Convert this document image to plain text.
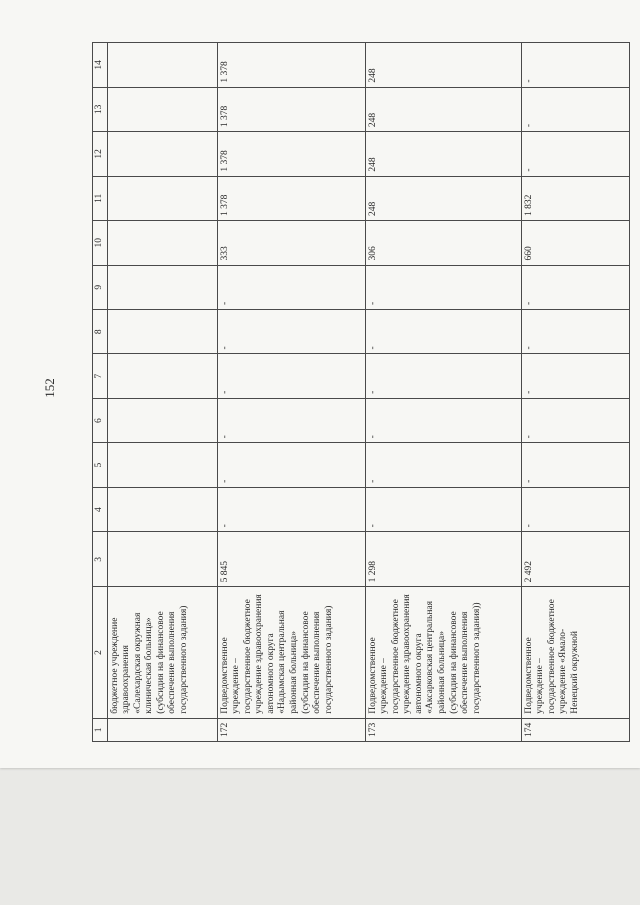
152
1	2	3	4	5	6	7	8	9	10	11	12	13	14
	бюджетное учреждение здравоохранения «Салехардская окружная клиническая больница» (субсидия на финансовое обеспечение выполнения государственного задания)												
172	Подведомственное учреждение – государственное бюджетное учреждение здравоохранения автономного округа «Надымская центральная районная больница» (субсидия на финансовое обеспечение выполнения государственного задания)	5 845	-	-	-	-	-	-	333	1 378	1 378	1 378	1 378
173	Подведомственное учреждение – государственное бюджетное учреждение здравоохранения автономного округа «Аксарковская центральная районная больница» (субсидия на финансовое обеспечение выполнения государственного задания))	1 298	-	-	-	-	-	-	306	248	248	248	248
174	Подведомственное учреждение – государственное бюджетное учреждение «Ямало-Ненецкий окружной	2 492	-	-	-	-	-	-	660	1 832	-	-	-
